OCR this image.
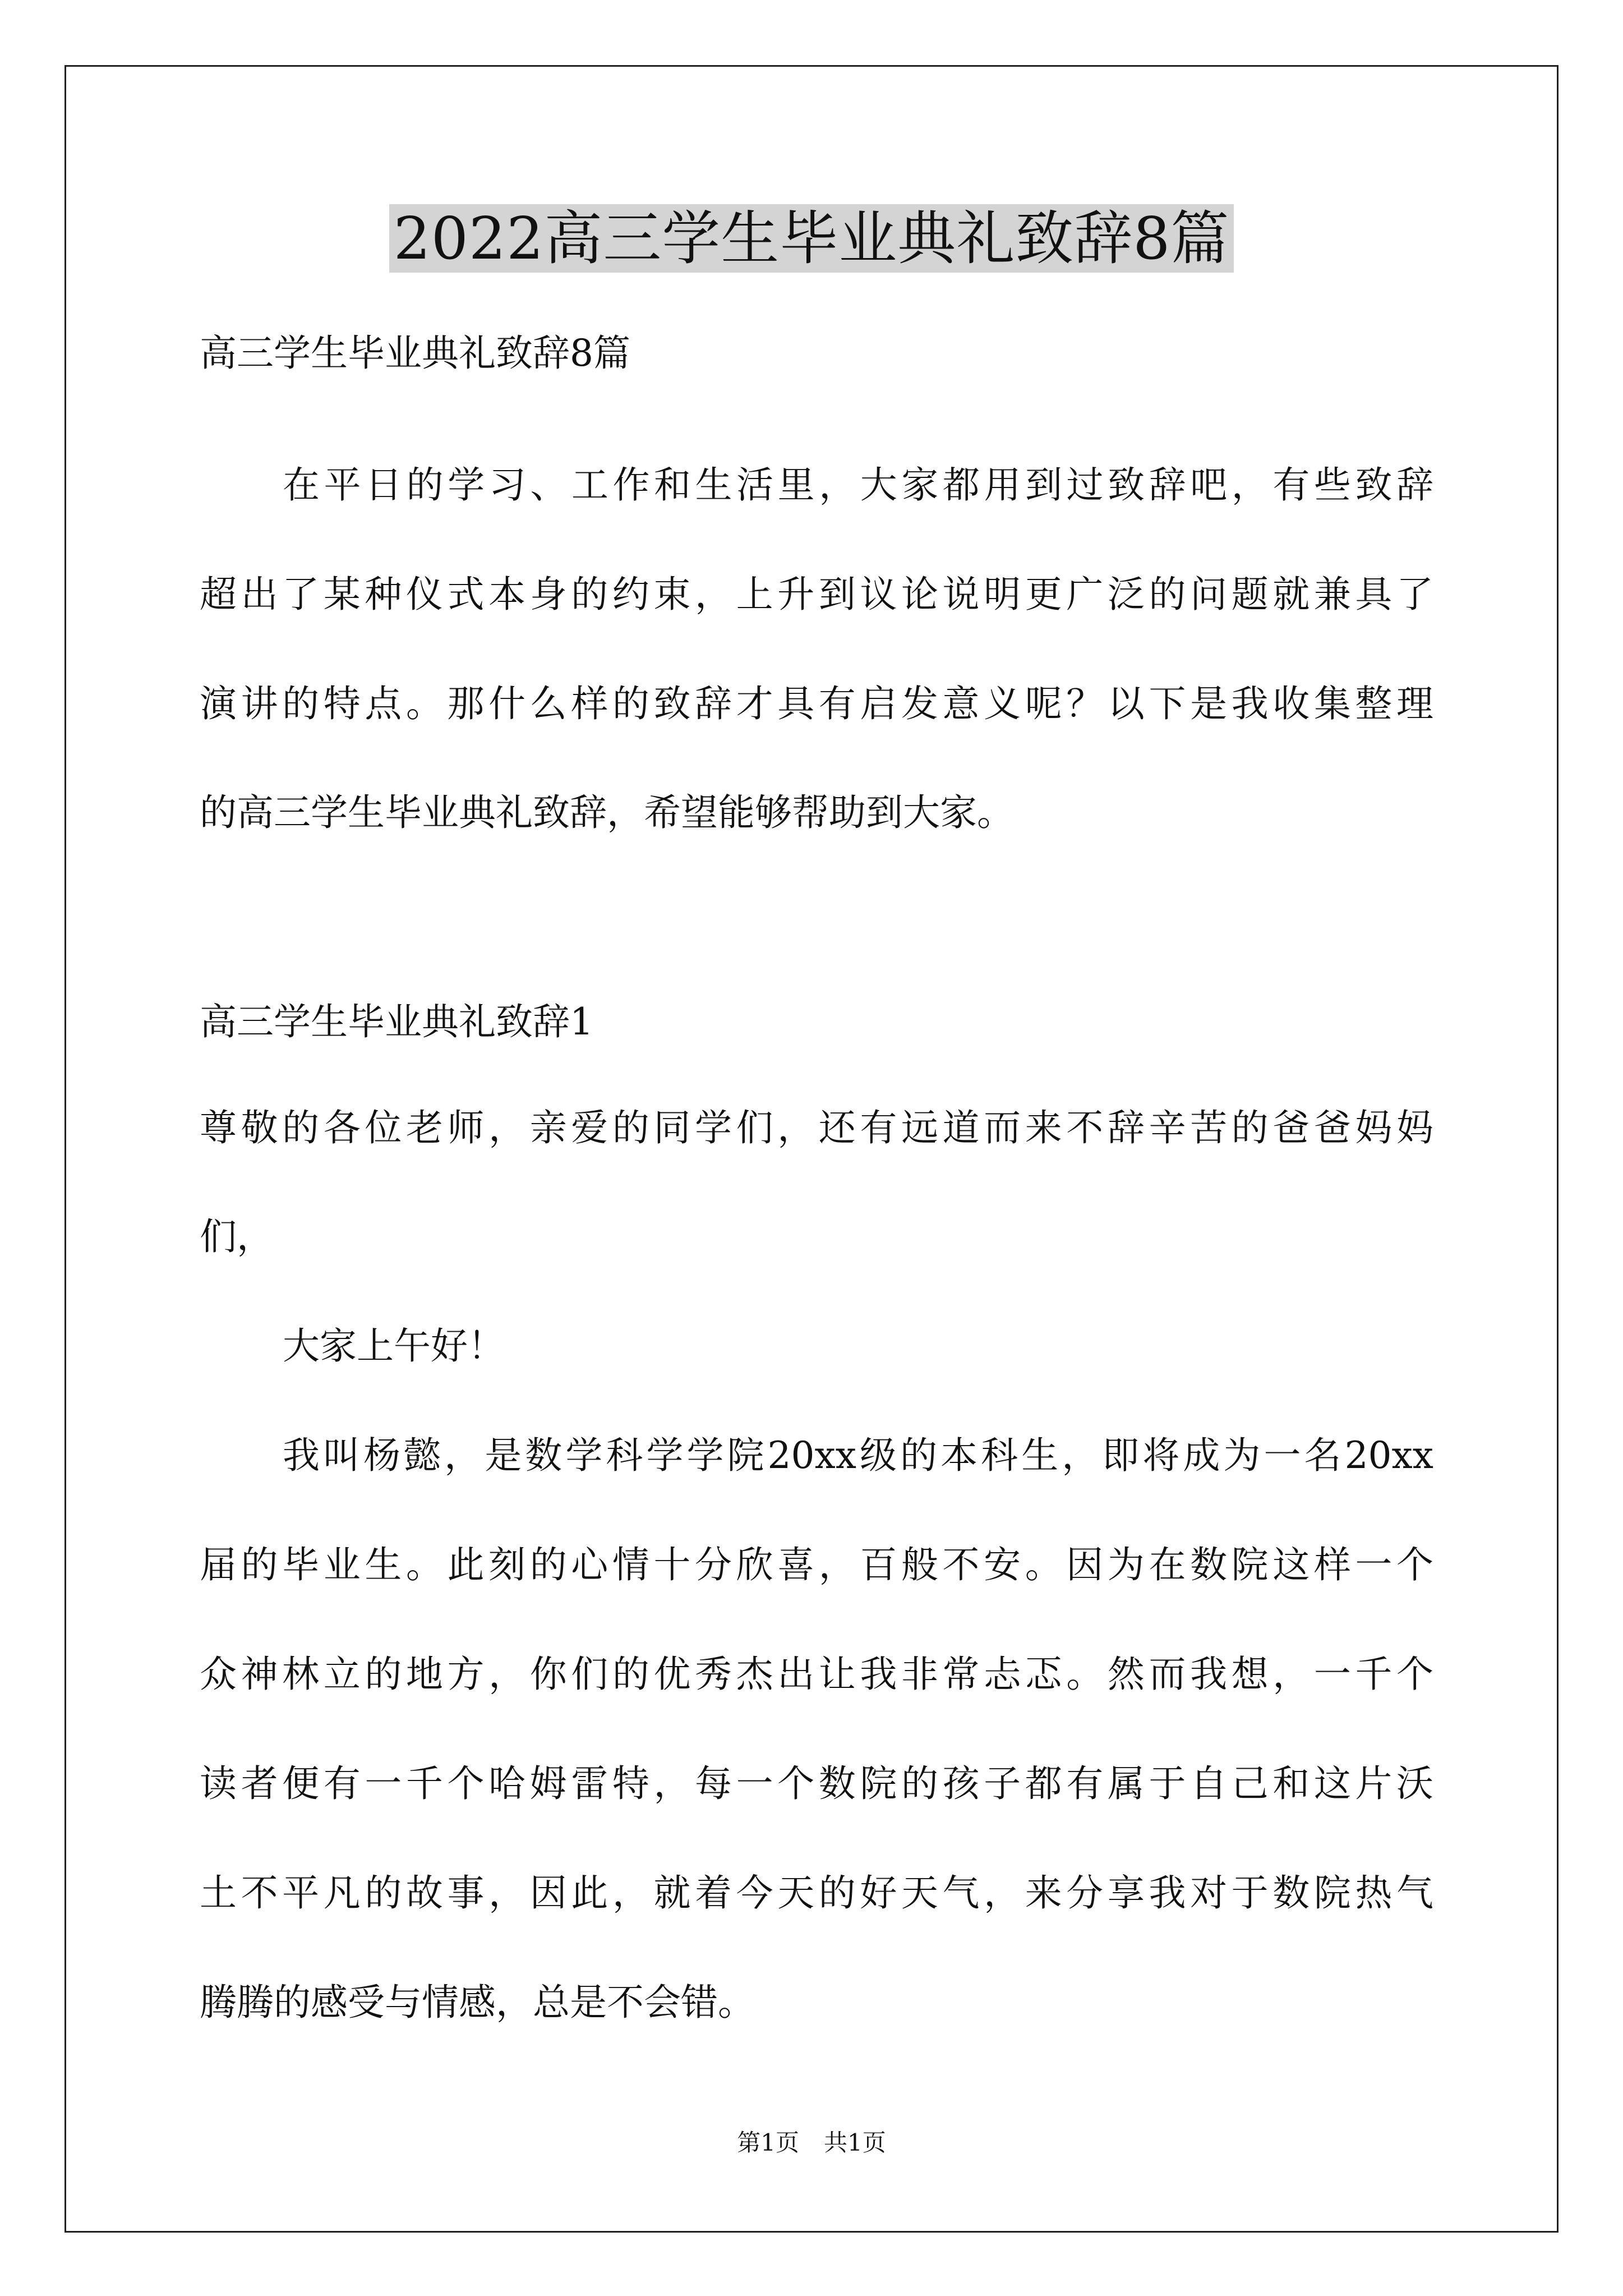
2022高三学生毕业典礼致辞8篇
高三学生毕业典礼致辞8篇
在平日的学习、工作和生活里，大家都用到过致辞吧，有些致辞
超出了某种仪式本身的约束，上升到议论说明更广泛的问题就兼具了
演讲的特点。那什么样的致辞才具有启发意义呢？以下是我收集整理
的高三学生毕业典礼致辞，希望能够帮助到大家。
高三学生毕业典礼致辞1
尊敬的各位老师，亲爱的同学们，还有远道而来不辞辛苦的爸爸妈妈
们，
大家上午好！
我叫杨懿，是数学科学学院20xx级的本科生，即将成为一名20xx
届的毕业生。此刻的心情十分欣喜，百般不安。因为在数院这样一个
众神林立的地方，你们的优秀杰出让我非常忐忑。然而我想，一千个
读者便有一千个哈姆雷特，每一个数院的孩子都有属于自己和这片沃
土不平凡的故事，因此，就着今天的好天气，来分享我对于数院热气
腾腾的感受与情感，总是不会错。
第1页 共1页
